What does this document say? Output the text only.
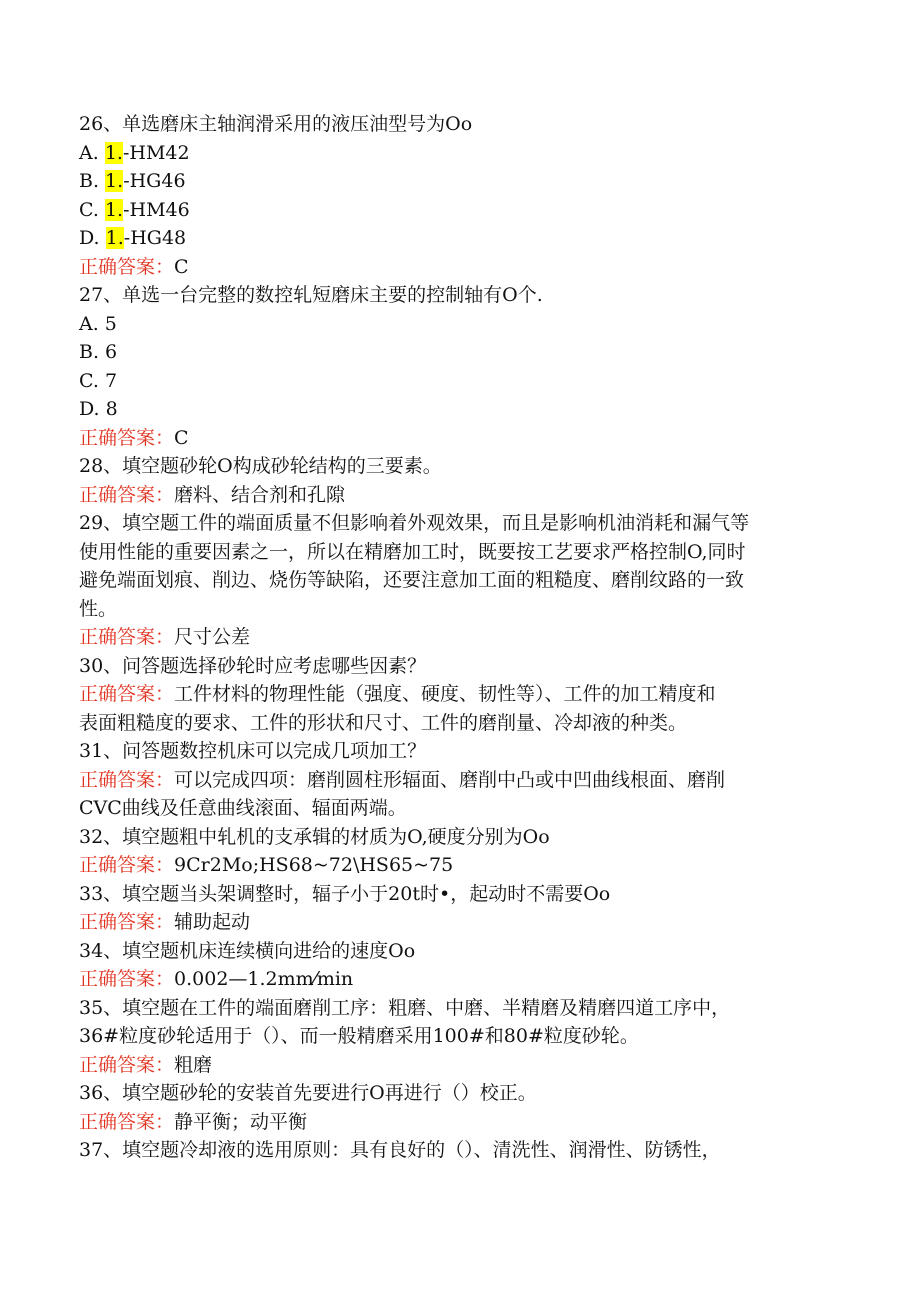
26、单选磨床主轴润滑采用的液压油型号为Oo
A. 1.-HM42
B. 1.-HG46
C. 1.-HM46
D. 1.-HG48
正确答案：C
27、单选一台完整的数控轧短磨床主要的控制轴有O个.
A. 5
B. 6
C. 7
D. 8
正确答案：C
28、填空题砂轮O构成砂轮结构的三要素。
正确答案：磨料、结合剂和孔隙
29、填空题工件的端面质量不但影响着外观效果，而且是影响机油消耗和漏气等
使用性能的重要因素之一，所以在精磨加工时，既要按工艺要求严格控制O,同时
避免端面划痕、削边、烧伤等缺陷，还要注意加工面的粗糙度、磨削纹路的一致
性。
正确答案：尺寸公差
30、问答题选择砂轮时应考虑哪些因素？
正确答案：工件材料的物理性能（强度、硬度、韧性等）、工件的加工精度和
表面粗糙度的要求、工件的形状和尺寸、工件的磨削量、冷却液的种类。
31、问答题数控机床可以完成几项加工？
正确答案：可以完成四项：磨削圆柱形辐面、磨削中凸或中凹曲线根面、磨削
CVC曲线及任意曲线滚面、辐面两端。
32、填空题粗中轧机的支承辑的材质为O,硬度分别为Oo
正确答案：9Cr2Mo;HS68~72\HS65~75
33、填空题当头架调整时，辐子小于20t时•，起动时不需要Oo
正确答案：辅助起动
34、填空题机床连续横向进给的速度Oo
正确答案：0.002—1.2mm⁄min
35、填空题在工件的端面磨削工序：粗磨、中磨、半精磨及精磨四道工序中，
36#粒度砂轮适用于（）、而一般精磨采用100#和80#粒度砂轮。
正确答案：粗磨
36、填空题砂轮的安装首先要进行O再进行（）校正。
正确答案：静平衡；动平衡
37、填空题冷却液的选用原则：具有良好的（）、清洗性、润滑性、防锈性，
